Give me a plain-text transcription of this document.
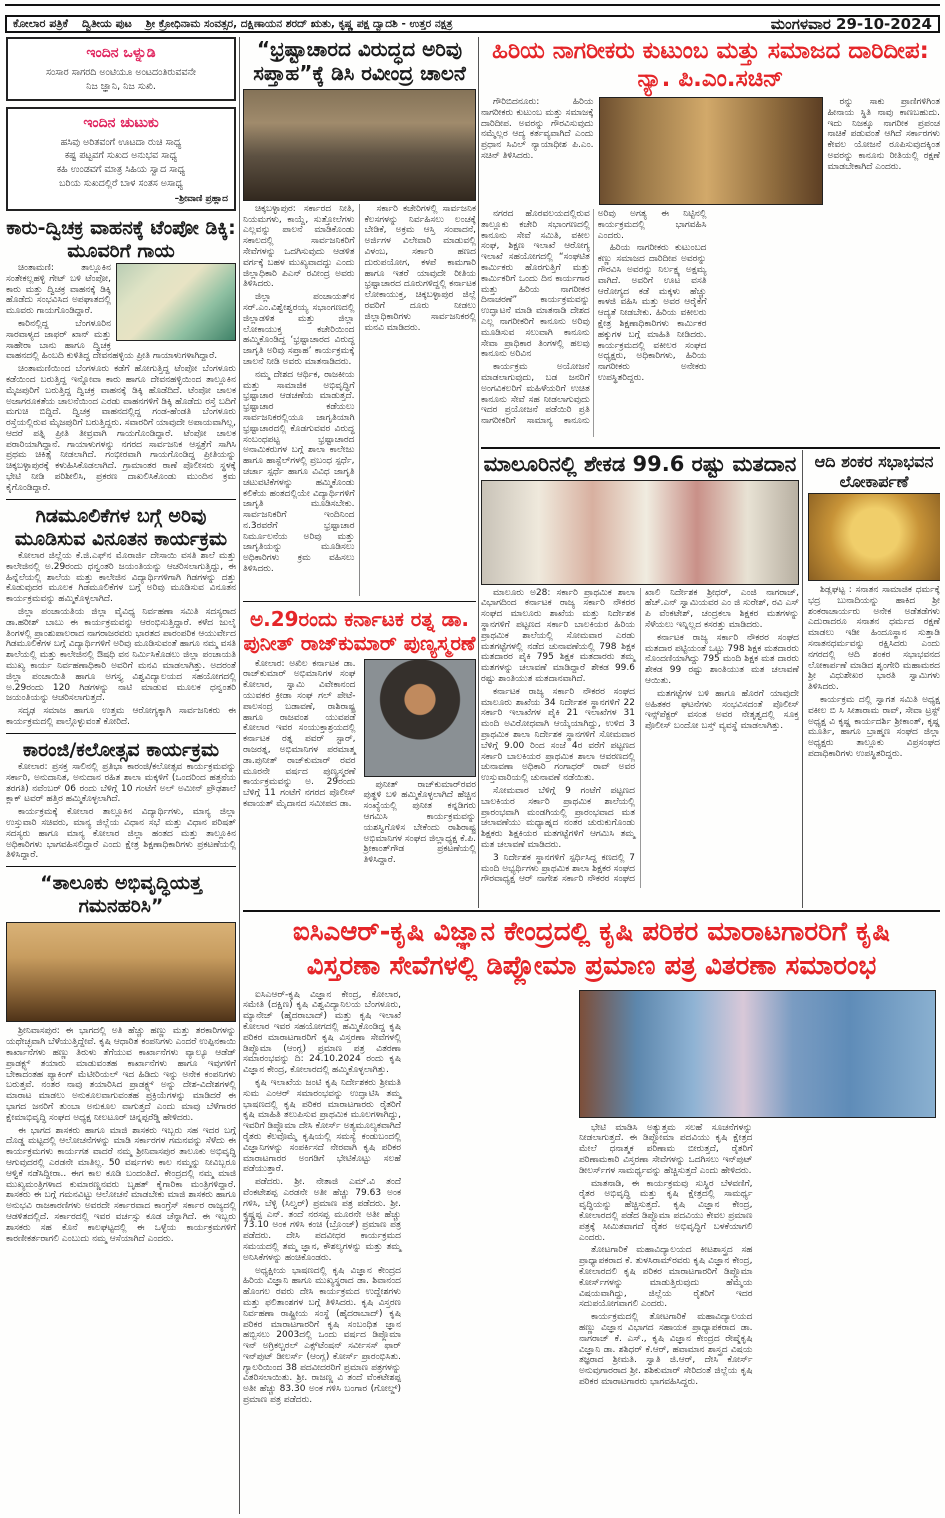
ಕೋಲಾರ ಪತ್ರಿಕೆ ದ್ವಿತೀಯ ಪುಟ ಶ್ರೀ ಕ್ರೋಧಿನಾಮ ಸಂವತ್ಸರ, ದಕ್ಷಿಣಾಯನ ಶರದ್ ಋತು, ಕೃಷ್ಣ ಪಕ್ಷ ದ್ವಾದಶಿ - ಉತ್ತರ ನಕ್ಷತ್ರ	ಮಂಗಳವಾರ 29-10-2024
ಇಂದಿನ ಒಳ್ನುಡಿ
ಸಂಸಾರ ಸಾಗರದಿ ಅಂಟಿಯೂ ಅಂಟದಂತಿರುವವನೇ
ನಿಜ ಜ್ಞಾನಿ, ನಿಜ ಸುಖಿ.
ಇಂದಿನ ಚುಟುಕು
ಹಸಿವು ಅರಿತವಂಗೆ ಊಟದಾ ರುಚಿ ಸಾಧ್ಯ
ಕಷ್ಟ ಪಟ್ಟವಗೆ ಸುಖದ ಅನುಭವ ಸಾಧ್ಯ
ಕಹಿ ಉಂಡವಗೆ ಮಾತ್ರ ಸಿಹಿಯ ಸ್ವಾದ ಸಾಧ್ಯ
ಬರಿಯ ಸುಖದಲ್ಲಿರೆ ಬಾಳ ಸಂತಸ ಅಸಾಧ್ಯ
–ಶ್ರೀವಾಣಿ ಪ್ರಹ್ಲಾದ
ಕಾರು-ದ್ವಿಚಕ್ರ ವಾಹನಕ್ಕೆ ಟೆಂಪೋ ಡಿಕ್ಕಿ: ಮೂವರಿಗೆ ಗಾಯ

ಚಿಂತಾಮಣಿ: ತಾಲ್ಲೂಕಿನ ಸಂತೇಕಲ್ಲಹಳ್ಳಿ ಗೇಟ್ ಬಳಿ ಟೆಂಪೋ, ಕಾರು ಮತ್ತು ದ್ವಿಚಕ್ರ ವಾಹನಕ್ಕೆ ಡಿಕ್ಕಿ ಹೊಡೆದು ಸಂಭವಿಸಿದ ಅಪಘಾತದಲ್ಲಿ ಮೂವರು ಗಾಯಗೊಂಡಿದ್ದಾರೆ.

ಕಾರಿನಲ್ಲಿದ್ದ ಬೆಂಗಳೂರಿನ ಸಾರವಾಳ್ಯದ ಜಾಫರ್ ಖಾನ್ ಮತ್ತು ಸಾಹೇರಾ ಬಾನು ಹಾಗೂ ದ್ವಿಚಕ್ರ ವಾಹನದಲ್ಲಿ ಹಿಂಬದಿ ಕುಳಿತಿದ್ದ ದೇವನಹಳ್ಳಿಯ ಪ್ರೀತಿ ಗಾಯಾಳುಗಳಾಗಿದ್ದಾರೆ.

ಚಿಂತಾಮಣಿಯಿಂದ ಬೆಂಗಳೂರು ಕಡೆಗೆ ಹೋಗುತ್ತಿದ್ದ ಟೆಂಪೋ ಬೆಂಗಳೂರು ಕಡೆಯಿಂದ ಬರುತ್ತಿದ್ದ ಇನ್ನೋವಾ ಕಾರು ಹಾಗೂ ದೇವನಹಳ್ಳಿಯಿಂದ ತಾಲ್ಲೂಕಿನ ಮೈಜಪುರಿಗೆ ಬರುತ್ತಿದ್ದ ದ್ವಿಚಕ್ರ ವಾಹನಕ್ಕೆ ಡಿಕ್ಕಿ ಹೊಡೆದಿದೆ. ಟೆಂಪೋ ಚಾಲಕ ಅಜಾಗರೂಕತೆಯ ಚಾಲನೆಯಿಂದ ಎರಡು ವಾಹನಗಳಿಗೆ ಡಿಕ್ಕಿ ಹೊಡೆದು ರಸ್ತೆ ಬದಿಗೆ ಮಗುಚಿ ಬಿದ್ದಿದೆ. ದ್ವಿಚಕ್ರ ವಾಹನದಲ್ಲಿದ್ದ ಗಂಡ-ಹೆಂಡತಿ ಬೆಂಗಳೂರು ರಸ್ತೆಯಲ್ಲಿರುವ ಮೈಜಪುರಿಗೆ ಬರುತ್ತಿದ್ದರು. ಸವಾರರಿಗೆ ಯಾವುದೇ ಅಪಾಯವಾಗಿಲ್ಲ, ಆದರೆ ಪತ್ನಿ ಪ್ರೀತಿ ತೀವ್ರವಾಗಿ ಗಾಯಗೊಂಡಿದ್ದಾರೆ. ಟೆಂಪೋ ಚಾಲಕ ಪರಾರಿಯಾಗಿದ್ದಾನೆ. ಗಾಯಾಳುಗಳನ್ನು ನಗರದ ಸಾರ್ವಜನಿಕ ಆಸ್ಪತ್ರೆಗೆ ಸಾಗಿಸಿ ಪ್ರಥಮ ಚಿಕಿತ್ಸೆ ನೀಡಲಾಗಿದೆ. ಗಂಭೀರವಾಗಿ ಗಾಯಗೊಂಡಿದ್ದ ಪ್ರೀತಿಯನ್ನು ಚಿಕ್ಕಬಳ್ಳಾಪುರಕ್ಕೆ ಕಳುಹಿಸಿಕೊಡಲಾಗಿದೆ. ಗ್ರಾಮಾಂತರ ಠಾಣೆ ಪೊಲೀಸರು ಸ್ಥಳಕ್ಕೆ ಭೇಟಿ ನೀಡಿ ಪರಿಶೀಲಿಸಿ, ಪ್ರಕರಣ ದಾಖಲಿಸಿಕೊಂಡು ಮುಂದಿನ ಕ್ರಮ ಕೈಗೊಂಡಿದ್ದಾರೆ.

ಗಿಡಮೂಲಿಕೆಗಳ ಬಗ್ಗೆ ಅರಿವು ಮೂಡಿಸುವ ವಿನೂತನ ಕಾರ್ಯಕ್ರಮ

ಕೋಲಾರ ಜಿಲ್ಲೆಯ ಕೆ.ಜಿ.ಎಫ್‌ನ ಮೊರಾರ್ಜಿ ದೇಸಾಯಿ ವಸತಿ ಶಾಲೆ ಮತ್ತು ಕಾಲೇಜಿನಲ್ಲಿ ಅ.29ರಂದು ಧನ್ವಂತರಿ ಜಯಂತಿಯನ್ನು ಆಚರಿಸಲಾಗುತ್ತಿದ್ದು, ಈ ಹಿನ್ನೆಲೆಯಲ್ಲಿ ಶಾಲೆಯ ಮತ್ತು ಕಾಲೇಜಿನ ವಿದ್ಯಾರ್ಥಿಗಳಿಗಾಗಿ ಗಿಡಗಳನ್ನು ದತ್ತು ಕೊಡುವುದರ ಮೂಲಕ ಗಿಡಮೂಲಿಕೆಗಳ ಬಗ್ಗೆ ಅರಿವು ಮೂಡಿಸುವ ವಿನೂತನ ಕಾರ್ಯಕ್ರಮವನ್ನು ಹಮ್ಮಿಕೊಳ್ಳಲಾಗಿದೆ.

ಜಿಲ್ಲಾ ಪಂಚಾಯತಿಯ ಜಿಲ್ಲಾ ವೈವಿಧ್ಯ ನಿರ್ವಹಣಾ ಸಮಿತಿ ಸದಸ್ಯರಾದ ಡಾ.ಹರೀಶ್ ಬಾಬು ಈ ಕಾರ್ಯಕ್ರಮವನ್ನು ಆರಂಭಿಸುತ್ತಿದ್ದಾರೆ. ಕಳೆದ ಜುಲೈ ತಿಂಗಳಲ್ಲಿ ಪ್ರಾಂಶುಪಾಲರಾದ ನಾಗರಾಜರವರು ಭಾರತದ ಪಾರಂಪರಿಕ ಆಯುರ್ವೇದ ಗಿಡಮೂಲಿಕೆಗಳ ಬಗ್ಗೆ ವಿದ್ಯಾರ್ಥಿಗಳಿಗೆ ಅರಿವು ಮೂಡಿಸುವಂತೆ ಹಾಗೂ ನಮ್ಮ ವಸತಿ ಶಾಲೆಯಲ್ಲಿ ಮತ್ತು ಕಾಲೇಜಿನಲ್ಲಿ ಔಷಧಿ ವನ ನಿರ್ಮಿಸಿಕೊಡಲು ಜಿಲ್ಲಾ ಪಂಚಾಯತಿ ಮುಖ್ಯ ಕಾರ್ಯ ನಿರ್ವಹಣಾಧಿಕಾರಿ ಅವರಿಗೆ ಮನವಿ ಮಾಡಲಾಗಿತ್ತು. ಅದರಂತೆ ಜಿಲ್ಲಾ ಪಂಚಾಯಿತಿ ಹಾಗೂ ಅಗಸ್ತ್ಯ ವಿಶ್ವವಿದ್ಯಾಲಯದ ಸಹಯೋಗದಲ್ಲಿ ಅ.29ರಂದು 120 ಗಿಡಗಳನ್ನು ನಾಟಿ ಮಾಡುವ ಮೂಲಕ ಧನ್ವಂತರಿ ಜಯಂತಿಯನ್ನು ಆಚರಿಸಲಾಗುತ್ತದೆ.

ಸದೃಢ ಸಮಾಜ ಹಾಗೂ ಉತ್ತಮ ಆರೋಗ್ಯಕ್ಕಾಗಿ ಸಾರ್ವಜನಿಕರು ಈ ಕಾರ್ಯಕ್ರಮದಲ್ಲಿ ಪಾಲ್ಗೊಳ್ಳುವಂತೆ ಕೋರಿದೆ.

ಕಾರಂಜಿ/ಕಲೋತ್ಸವ ಕಾರ್ಯಕ್ರಮ

ಕೋಲಾರ: ಪ್ರಸಕ್ತ ಸಾಲಿನಲ್ಲಿ ಪ್ರತಿಭಾ ಕಾರಂಜಿ/ಕಲೋತ್ಸವ ಕಾರ್ಯಕ್ರಮವನ್ನು ಸರ್ಕಾರಿ, ಅನುದಾನಿತ, ಅನುದಾನ ರಹಿತ ಶಾಲಾ ಮಕ್ಕಳಿಗೆ (ಒಂದರಿಂದ ಹತ್ತನೆಯ ತರಗತಿ) ನವೆಂಬರ್ 06 ರಂದು ಬೆಳಿಗ್ಗೆ 10 ಗಂಟೆಗೆ ಅಲ್ ಅಮೀನ್ ಪ್ರೌಢಶಾಲೆ ಕ್ಲಾಕ್ ಟವರ್ ಹತ್ತಿರ ಹಮ್ಮಿಕೊಳ್ಳಲಾಗಿದೆ.

ಕಾರ್ಯಕ್ರಮಕ್ಕೆ ಕೋಲಾರ ತಾಲ್ಲೂಕಿನ ವಿದ್ಯಾರ್ಥಿಗಳು, ಮಾನ್ಯ ಜಿಲ್ಲಾ ಉಸ್ತುವಾರಿ ಸಚಿವರು, ಮಾನ್ಯ ಜಿಲ್ಲೆಯ ವಿಧಾನ ಸಭೆ ಮತ್ತು ವಿಧಾನ ಪರಿಷತ್ ಸದಸ್ಯರು ಹಾಗೂ ಮಾನ್ಯ ಕೋಲಾರ ಜಿಲ್ಲಾ ಹಂತದ ಮತ್ತು ತಾಲ್ಲೂಕಿನ ಅಧಿಕಾರಿಗಳು ಭಾಗವಹಿಸಲಿದ್ದಾರೆ ಎಂದು ಕ್ಷೇತ್ರ ಶಿಕ್ಷಣಾಧಿಕಾರಿಗಳು ಪ್ರಕಟಣೆಯಲ್ಲಿ ತಿಳಿಸಿದ್ದಾರೆ.

“ತಾಲೂಕು ಅಭಿವೃದ್ಧಿಯತ್ತ ಗಮನಹರಿಸಿ”

ಶ್ರೀನಿವಾಸಪುರ: ಈ ಭಾಗದಲ್ಲಿ ಅತಿ ಹೆಚ್ಚು ಹಣ್ಣು ಮತ್ತು ತರಕಾರಿಗಳನ್ನು ಯಥೇಚ್ಛವಾಗಿ ಬೆಳೆಯುತ್ತಿದ್ದೇವೆ. ಕೃಷಿ ಆಧಾರಿತ ಕಂಪನಿಗಳು ಎಂದರೆ ಉಪ್ಪಿನಕಾಯಿ ಕಾರ್ಖಾನೆಗಳು ಹಣ್ಣು ತಿರುಳು ತೆಗೆಯುವ ಕಾರ್ಖಾನೆಗಳು ವ್ಯಾಲ್ಯೂ ಆಡೆಡ್ ಪ್ರಾಡಕ್ಟ್ಸ್ ತಯಾರು ಮಾಡುವಂತಹ ಕಾರ್ಖಾನೆಗಳು ಹಾಗೂ ಇವುಗಳಿಗೆ ಬೇಕಾದಂತಹ ಪ್ಯಾಕಿಂಗ್ ಮೆಟೀರಿಯಲ್ ಇದ ಹಿಡಿದು ಇನ್ನು ಅನೇಕ ಕಂಪನಿಗಳು ಬರುತ್ತವೆ. ನಂತರ ನಾವು ತಯಾರಿಸಿದ ಪ್ರಾಡಕ್ಟ್ಸ್ ಅನ್ನು ದೇಶ-ವಿದೇಶಗಳಲ್ಲಿ ಮಾರಾಟ ಮಾಡಲು ಅನುಕೂಲವಾಗುವಂತಹ ಪ್ರಕ್ರಿಯೆಗಳನ್ನು ಮಾಡಿದರೆ ಈ ಭಾಗದ ಜನರಿಗೆ ತುಂಬಾ ಅನುಕೂಲ ವಾಗುತ್ತದೆ ಎಂದು ಮಾವು ಬೆಳೆಗಾರರ ಕ್ಷೇಮಾಭಿವೃದ್ಧಿ ಸಂಘದ ಅಧ್ಯಕ್ಷ ನೀಲಟೂರ್ ಚಿನ್ನಪ್ಪರೆಡ್ಡಿ ಹೇಳಿದರು.

ಈ ಭಾಗದ ಶಾಸಕರು ಹಾಗೂ ಮಾಜಿ ಶಾಸಕರು ಇಬ್ಬರು ಸಹ ಇದರ ಬಗ್ಗೆ ದೊಡ್ಡ ಮಟ್ಟದಲ್ಲಿ ಆಲೋಚನೆಗಳನ್ನು ಮಾಡಿ ಸರ್ಕಾರಗಳ ಗಮನವನ್ನು ಸೆಳೆದು ಈ ಕಾರ್ಯಕ್ರಮಗಳು ಕಾರ್ಯಗತ ವಾದರೆ ನಮ್ಮ ಶ್ರೀನಿವಾಸಪುರ ತಾಲೂಕು ಅಭಿವೃದ್ಧಿ ಆಗುವುದರಲ್ಲಿ ಎರಡನೇ ಮಾತಿಲ್ಲ. 50 ವರ್ಷಗಳು ಕಾಲ ನಮ್ಮನ್ನು ನೀವಿಬ್ಬರೂ ಆಳ್ವಿಕೆ ನಡೆಸಿದ್ದೀರಾ.. ಈಗ ಕಾಲ ಕೂಡಿ ಬಂದಂತಿದೆ. ಕೇಂದ್ರದಲ್ಲಿ ನಮ್ಮ ಮಾಜಿ ಮುಖ್ಯಮಂತ್ರಿಗಳಾದ ಕುಮಾರಣ್ಣನವರು ಬೃಹತ್ ಕೈಗಾರಿಕಾ ಮಂತ್ರಿಗಳಿದ್ದಾರೆ. ಶಾಸಕರು ಈ ಬಗ್ಗೆ ಗಮನವಿಟ್ಟು ಆಲೋಚನೆ ಮಾಡಬೇಕು ಮಾಜಿ ಶಾಸಕರು ಹಾಗೂ ಅನುಭವಿ ರಾಜಕಾರಣಿಗಳು ಅವರದೇ ಸರ್ಕಾರವಾದ ಕಾಂಗ್ರೆಸ್ ಸರ್ಕಾರ ರಾಜ್ಯದಲ್ಲಿ ಆಡಳಿತದಲ್ಲಿದೆ. ಸರ್ಕಾರದಲ್ಲಿ ಇವರ ವರ್ಚಸ್ಸು ಕೂಡ ಚೆನ್ನಾಗಿದೆ. ಈ ಇಬ್ಬರು ಶಾಸಕರು ಸಹ ಕೊನೆ ಕಾಲಘಟ್ಟದಲ್ಲಿ ಈ ಒಳ್ಳೆಯ ಕಾರ್ಯಕ್ರಮಗಳಿಗೆ ಕಾರಣೀಕರ್ತರಾಗಲಿ ಎಂಬುದು ನಮ್ಮ ಆಸೆಯಾಗಿದೆ ಎಂದರು.

“ಭ್ರಷ್ಟಾಚಾರದ ವಿರುದ್ಧದ ಅರಿವು ಸಪ್ತಾಹ”ಕ್ಕೆ ಡಿಸಿ ರವೀಂದ್ರ ಚಾಲನೆ

ಚಿಕ್ಕಬಳ್ಳಾಪುರ: ಸರ್ಕಾರದ ನೀತಿ, ನಿಯಮಗಳು, ಕಾಯ್ದೆ, ಸುತ್ತೋಲೆಗಳು ಎಲ್ಲವನ್ನು ಪಾಲನೆ ಮಾಡಿಕೊಂಡು ಸಕಾಲದಲ್ಲಿ ಸಾರ್ವಜನಿಕರಿಗೆ ಸೇವೆಗಳನ್ನು ಒದಗಿಸುವುದು ಆಡಳಿತ ವರ್ಗಕ್ಕೆ ಬಹಳ ಮುಖ್ಯವಾದದ್ದು ಎಂದು ಜಿಲ್ಲಾಧಿಕಾರಿ ಪಿಎನ್ ರವೀಂದ್ರ ಅವರು ತಿಳಿಸಿದರು.

ಜಿಲ್ಲಾ ಪಂಚಾಯತ್‌ನ ಸರ್.ಎಂ.ವಿಶ್ವೇಶ್ವರಯ್ಯ ಸಭಾಂಗಣದಲ್ಲಿ ಜಿಲ್ಲಾಡಳಿತ ಮತ್ತು ಜಿಲ್ಲಾ ಲೋಕಾಯುಕ್ತ ಕಚೇರಿಯಿಂದ ಹಮ್ಮಿಕೊಂಡಿದ್ದ ‘ಭ್ರಷ್ಟಾಚಾರದ ವಿರುದ್ಧ ಜಾಗೃತಿ ಅರಿವು ಸಪ್ತಾಹ’ ಕಾರ್ಯಕ್ರಮಕ್ಕೆ ಚಾಲನೆ ನೀಡಿ ಅವರು ಮಾತನಾಡಿದರು.

ನಮ್ಮ ದೇಶದ ಆರ್ಥಿಕ, ರಾಜಕೀಯ ಮತ್ತು ಸಾಮಾಜಿಕ ಅಭಿವೃದ್ಧಿಗೆ ಭ್ರಷ್ಟಾಚಾರ ಆಡಚಣೆಯ ಮಾಡುತ್ತದೆ. ಭ್ರಷ್ಟಾಚಾರ ಕಡೆಯಲು ಸಾರ್ವಜನಿಕರಲ್ಲಿಯೂ ಜಾಗೃತಿಯಾಗಿ ಭ್ರಷ್ಟಾಚಾರದಲ್ಲಿ ಕೊಡಗುವವರ ವಿರುದ್ಧ ಸಂಬಂಧಪಟ್ಟ ಭ್ರಷ್ಟಾಚಾರದ ಅನಾಮಿಕರುಗಳ ಬಗ್ಗೆ ಶಾಲಾ ಕಾಲೇಜು ಹಾಗೂ ಹಾಸ್ಟೆಲ್‌ಗಳಲ್ಲಿ ಪ್ರಬಂಧ ಸ್ಪರ್ಧೆ, ಚರ್ಚಾ ಸ್ಪರ್ಧೆ ಹಾಗೂ ವಿವಿಧ ಜಾಗೃತಿ ಚಟುವಟಿಕೆಗಳನ್ನು ಹಮ್ಮಿಕೊಂಡು ಕಲಿಕೆಯ ಹಂತದಲ್ಲಿಯೇ ವಿದ್ಯಾರ್ಥಿಗಳಿಗೆ ಜಾಗೃತಿ ಮೂಡಿಸಬೇಕು. ಸಾರ್ವಜನಿಕರಿಗೆ ಇಂದಿನಿಂದ ನ.3ರವರೆಗೆ ಭ್ರಷ್ಟಾಚಾರ ನಿರ್ಮೂಲನೆಯ ಅರಿವು ಮತ್ತು ಜಾಗೃತಿಯನ್ನು ಮೂಡಿಸಲು ಅಧಿಕಾರಿಗಳು ಕ್ರಮ ವಹಿಸಲು ತಿಳಿಸಿದರು.

ಸರ್ಕಾರಿ ಕಚೇರಿಗಳಲ್ಲಿ ಸಾರ್ವಜನಿಕ ಕೆಲಸಗಳನ್ನು ನಿರ್ವಹಿಸಲು ಲಂಚಕ್ಕೆ ಬೇಡಿಕೆ, ಅಕ್ರಮ ಆಸ್ತಿ ಸಂಪಾದನೆ, ಅರ್ಜಿಗಳ ವಿಲೇವಾರಿ ಮಾಡುವಲ್ಲಿ ವಿಳಂಬ, ಸರ್ಕಾರಿ ಹಣದ ದುರುಪಯೋಗ, ಕಳಪೆ ಕಾಮಗಾರಿ ಹಾಗೂ ಇತರೆ ಯಾವುದೇ ರೀತಿಯ ಭ್ರಷ್ಟಾಚಾರದ ದೂರುಗಳಿದ್ದಲ್ಲಿ ಕರ್ನಾಟಕ ಲೋಕಾಯುಕ್ತ, ಚಿಕ್ಕಬಳ್ಳಾಪುರ ಜಿಲ್ಲೆ ರವರಿಗೆ ದೂರು ನೀಡಲು ಜಿಲ್ಲಾಧಿಕಾರಿಗಳು ಸಾರ್ವಜನಿಕರಲ್ಲಿ ಮನವಿ ಮಾಡಿದರು.

ಅ.29ರಂದು ಕರ್ನಾಟಕ ರತ್ನ ಡಾ. ಪುನೀತ್ ರಾಜ್‌ಕುಮಾರ್ ಪುಣ್ಯಸ್ಮರಣೆ

ಕೋಲಾರ: ಅಖಿಲ ಕರ್ನಾಟಕ ಡಾ. ರಾಜ್‌ಕುಮಾರ್ ಅಭಿಮಾನಿಗಳ ಸಂಘ ಕೋಲಾರ, ಸ್ವಾಮಿ ವಿವೇಕಾನಂದ ಯುವಕರ ಕ್ರೀಡಾ ಸಂಘ ಗಲ್ ಪೇಟೆ-ಪಾಲಸಂದ್ರ ಬಡಾವಣೆ, ರಾಶಿರಾಷ್ಟ್ರ ಹಾಗೂ ರಾಜವಂಶ ಯುವಪಡೆ ಕೋಲಾರ ಇವರ ಸಂಯುಕ್ತಾಶ್ರಯದಲ್ಲಿ ಕರ್ನಾಟಕ ರತ್ನ ಪವರ್ ಸ್ಟಾರ್, ರಾಜರತ್ನ, ಅಭಿಮಾನಿಗಳ ಪರಮಾತ್ಮ ಡಾ.ಪುನೀತ್ ರಾಜ್‌ಕುಮಾರ್ ರವರ ಮೂರನೇ ವರ್ಷದ ಪುಣ್ಯಸ್ಮರಣೆ ಕಾರ್ಯಕ್ರಮವನ್ನು ಅ. 29ರಂದು ಬೆಳಿಗ್ಗೆ 11 ಗಂಟೆಗೆ ನಗರದ ಪೊಲೀಸ್ ಕವಾಯತ್ ಮೈದಾನದ ಸಮೀಪದ ಡಾ.

ಪುನೀತ್ ರಾಜ್‌ಕುಮಾರ್‌ರವರ ಪುತ್ಥಳಿ ಬಳಿ ಹಮ್ಮಿಕೊಳ್ಳಲಾಗಿದೆ ಹೆಚ್ಚಿನ ಸಂಖ್ಯೆಯಲ್ಲಿ ಪುನೀತ ಕನ್ನಡಿಗರು ಆಗಮಿಸಿ ಕಾರ್ಯಕ್ರಮವನ್ನು ಯಶಸ್ವಿಗೊಳಿಸ ಬೇಕೆಂದು ರಾಶಿರಾಷ್ಟ್ರ ಅಭಿಮಾನಿಗಳ ಸಂಘದ ಜಿಲ್ಲಾಧ್ಯಕ್ಷ ಕೆ.ಪಿ. ಶ್ರೀಕಾಂತ್‌ಗೌಡ ಪ್ರಕಟಣೆಯಲ್ಲಿ ತಿಳಿಸಿದ್ದಾರೆ.

ಹಿರಿಯ ನಾಗರೀಕರು ಕುಟುಂಬ ಮತ್ತು ಸಮಾಜದ ದಾರಿದೀಪ: ನ್ಯಾ. ಪಿ.ಎಂ.ಸಚಿನ್

ಗೌರಿಬಿದನೂರು: ಹಿರಿಯ ನಾಗರೀಕರು ಕುಟುಂಬ ಮತ್ತು ಸಮಾಜಕ್ಕೆ ದಾರಿದೀಪ. ಅವರನ್ನು ಗೌರವಿಸುವುದು ನಮ್ಮೆಲ್ಲರ ಆದ್ಯ ಕರ್ತವ್ಯವಾಗಿದೆ ಎಂದು ಪ್ರಧಾನ ಸಿವಿಲ್ ನ್ಯಾಯಾಧೀಶ ಪಿ.ಎಂ. ಸಚಿನ್ ತಿಳಿಸಿದರು.

ರನ್ನು ಸಾಕು ಪ್ರಾಣಿಗಳಿಗಿಂತ ಹೀನಾಯ ಸ್ಥಿತಿ ನಾವು ಕಾಣಬಹುದು. ಇದು ನಿಜಕ್ಕೂ ನಾಗರೀಕ ಪ್ರಪಂಚ ನಾಚಿಕೆ ಪಡುವಂತೆ ಆಗಿದೆ ಸರ್ಕಾರಗಳು ಕೇವಲ ಯೋಜನೆ ರೂಪಿಸುವುದಕ್ಕಿಂತ ಅವರನ್ನು ಕಾನೂನು ರೀತಿಯಲ್ಲಿ ರಕ್ಷಣೆ ಮಾಡಬೇಕಾಗಿದೆ ಎಂದರು.

ನಗರದ ಹೊರವಲಯದಲ್ಲಿರುವ ತಾಲ್ಲೂಕು ಕಚೇರಿ ಸಭಾಂಗಣದಲ್ಲಿ ಕಾನೂನು ಸೇವೆ ಸಮಿತಿ, ವಕೀಲ ಸಂಘ, ಶಿಕ್ಷಣ ಇಲಾಖೆ ಆರೋಗ್ಯ ಇಲಾಖೆ ಸಹಯೋಗದಲ್ಲಿ “ಸಂಘಟಿತ ಕಾರ್ಮಿಕರು ಹೊರಗುತ್ತಿಗೆ ಮತ್ತು ಕಾರ್ಮಿಕರಿಗೆ ಒಂದು ದಿನ ಕಾರ್ಯಗಾರ ಮತ್ತು ಹಿರಿಯ ನಾಗರೀಕರ ದಿನಾಚರಣೆ” ಕಾರ್ಯಕ್ರಮವನ್ನು ಉದ್ಘಾಟನೆ ಮಾಡಿ ಮಾತನಾಡಿ ದೇಶದ ಎಲ್ಲ ನಾಗರೀಕರಿಗೆ ಕಾನೂನು ಅರಿವು ಮೂಡಿಸುವ ಸಲುವಾಗಿ ಕಾನೂನು ಸೇವಾ ಪ್ರಾಧಿಕಾರ ತಿಂಗಳಲ್ಲಿ ಹಲವು ಕಾನೂನು ಅರಿವಿನ

ಕಾರ್ಯಕ್ರಮ ಅಯೋಜನೆ ಮಾಡಲಾಗುವುದು, ಬಡ ಜನರಿಗೆ ಅಂಗವಿಕಲರಿಗೆ ಮಹಿಳೆಯರಿಗೆ ಉಚಿತ ಕಾನೂನು ಸೇವೆ ಸಹ ನೀಡಲಾಗುವುದು ಇದರ ಪ್ರಯೋಜನೆ ಪಡೆಯಿರಿ ಪ್ರತಿ ನಾಗರೀಕರಿಗೆ ಸಾಮಾನ್ಯ ಕಾನೂನು ಅರಿವು ಅಗತ್ಯ ಈ ನಿಟ್ಟಿನಲ್ಲಿ ಕಾರ್ಯಕ್ರಮದಲ್ಲಿ ಭಾಗವಹಿಸಿ ಎಂದರು.

ಹಿರಿಯ ನಾಗರೀಕರು ಕುಟುಂಬದ ಕಣ್ಣು ಸಮಾಜದ ದಾರಿದೀಪ ಅವರನ್ನು ಗೌರವಿಸಿ ಅವರನ್ನು ನಿರ್ಲಕ್ಷ್ಯ ಅಕ್ಷಮ್ಯ ವಾಗಿದೆ. ಅವರಿಗೆ ಊಟ ವಸತಿ ಆರೋಗ್ಯದ ಕಡೆ ಮಕ್ಕಳು ಹೆಚ್ಚು ಕಾಳಜಿ ವಹಿಸಿ ಮತ್ತು ಅವರ ಆರೈಕೆಗೆ ಆದ್ಯತೆ ನೀಡಬೇಕು. ಹಿರಿಯ ವಕೀಲರು ಕ್ಷೇತ್ರ ಶಿಕ್ಷಣಾಧಿಕಾರಿಗಳು ಕಾರ್ಮಿಕರ ಹಕ್ಕುಗಳ ಬಗ್ಗೆ ಮಾಹಿತಿ ನೀಡಿದರು. ಕಾರ್ಯಕ್ರಮದಲ್ಲಿ ವಕೀಲರ ಸಂಘದ ಅಧ್ಯಕ್ಷರು, ಅಧಿಕಾರಿಗಳು, ಹಿರಿಯ ನಾಗರೀಕರು ಅನೇಕರು ಉಪಸ್ಥಿತರಿದ್ದರು.

ಮಾಲೂರಿನಲ್ಲಿ ಶೇಕಡ 99.6 ರಷ್ಟು ಮತದಾನ

ಮಾಲೂರು ಅ28: ಸರ್ಕಾರಿ ಪ್ರಾಥಮಿಕ ಶಾಲಾ ವಿಭಾಗದಿಂದ ಕರ್ನಾಟಕ ರಾಜ್ಯ ಸರ್ಕಾರಿ ನೌಕರರ ಸಂಘದ ಮಾಲೂರು ಶಾಖೆಯ ಮತ್ತು ನಿರ್ದೇಶಕ ಸ್ಥಾನಗಳಿಗೆ ಪಟ್ಟಣದ ಸರ್ಕಾರಿ ಬಾಲಕಿಯರ ಹಿರಿಯ ಪ್ರಾಥಮಿಕ ಶಾಲೆಯಲ್ಲಿ ಸೋಮವಾರ ಎರಡು ಮತಗಟ್ಟೆಗಳಲ್ಲಿ ನಡೆದ ಚುನಾವಣೆಯಲ್ಲಿ 798 ಶಿಕ್ಷಕ ಮತದಾರರ ಪೈಕಿ 795 ಶಿಕ್ಷಕ ಮತದಾರರು ತಮ್ಮ ಮತಗಳನ್ನು ಚಲಾವಣೆ ಮಾಡಿದ್ದಾರೆ ಶೇಕಡ 99.6 ರಷ್ಟು ಶಾಂತಿಯುತ ಮತದಾನವಾಗಿದೆ.

ಕರ್ನಾಟಕ ರಾಜ್ಯ ಸರ್ಕಾರಿ ನೌಕರರ ಸಂಘದ ಮಾಲೂರು ಶಾಖೆಯ 34 ನಿರ್ದೇಶಕ ಸ್ಥಾನಗಳಿಗೆ 22 ಸರ್ಕಾರಿ ಇಲಾಖೆಗಳ ಪೈಕಿ 21 ಇಲಾಖೆಗಳ 31 ಮಂದಿ ಅವಿರೋಧವಾಗಿ ಆಯ್ಕೆಯಾಗಿದ್ದು, ಉಳಿದ 3 ಪ್ರಾಥಮಿಕ ಶಾಲಾ ನಿರ್ದೇಶಕ ಸ್ಥಾನಗಳಿಗೆ ಸೋಮವಾರ ಬೆಳಿಗ್ಗೆ 9.00 ರಿಂದ ಸಂಜೆ 4ರ ವರೆಗೆ ಪಟ್ಟಣದ ಸರ್ಕಾರಿ ಬಾಲಕಿಯರ ಪ್ರಾಥಮಿಕ ಶಾಲಾ ಆವರಣದಲ್ಲಿ ಚುನಾವಣಾ ಅಧಿಕಾರಿ ಗಂಗಾಧರ್ ರಾವ್ ಅವರ ಉಸ್ತುವಾರಿಯಲ್ಲಿ ಚುನಾವಣೆ ನಡೆಯಿತು.

ಸೋಮವಾರ ಬೆಳಿಗ್ಗೆ 9 ಗಂಟೆಗೆ ಪಟ್ಟಣದ ಬಾಲಕಿಯರ ಸರ್ಕಾರಿ ಪ್ರಾಥಮಿಕ ಶಾಲೆಯಲ್ಲಿ ಪ್ರಾರಂಭವಾಗಿ ಮಂಡಗಿಯಲ್ಲಿ ಪ್ರಾರಂಭವಾದ ಮತ ಚಲಾವಣೆಯು ಮಧ್ಯಾಹ್ನದ ನಂತರ ಚುರುಕುಗೊಂಡು ಶಿಕ್ಷಕರು ಶಿಕ್ಷಕಿಯರ ಮತಗಟ್ಟೆಗಳಿಗೆ ಆಗಮಿಸಿ ತಮ್ಮ ಮತ ಚಲಾವಣೆ ಮಾಡಿದರು.

3 ನಿರ್ದೇಶಕ ಸ್ಥಾನಗಳಿಗೆ ಸ್ಪರ್ಧಿಸಿದ್ದ ಕಣದಲ್ಲಿ 7 ಮಂದಿ ಅಭ್ಯರ್ಥಿಗಳು ಪ್ರಾಥಮಿಕ ಶಾಲಾ ಶಿಕ್ಷಕರ ಸಂಘದ ಗೌರವಾಧ್ಯಕ್ಷ ಆರ್ ನಾಗೇಶ ಸರ್ಕಾರಿ ನೌಕರರ ಸಂಘದ ಖಾಲಿ ನಿರ್ದೇಶಕ ಶ್ರೀಧರ್, ಎಂಜಿ ನಾಗರಾಜ್, ಹೆಚ್.ಎನ್ ಸ್ವಾಮಿಯವರ ಎಂ ಜಿ ಸುರೇಶ್, ರವಿ ಎಸ್ ಪಿ ವೆಂಕಟೇಶ್, ಚಂದ್ರಕಲಾ ಶಿಕ್ಷಕರ ಮತಗಳನ್ನು ಸೆಳೆಯಲು ಇನ್ನಿಲ್ಲದ ಕಸರತ್ತು ಮಾಡಿದರು.

ಕರ್ನಾಟಕ ರಾಜ್ಯ ಸರ್ಕಾರಿ ನೌಕರರ ಸಂಘದ ಮತದಾರ ಪಟ್ಟಿಯಂತೆ ಒಟ್ಟು 798 ಶಿಕ್ಷಕ ಮತದಾರರು ನೊಂದಣಿಯಾಗಿದ್ದು 795 ಮಂದಿ ಶಿಕ್ಷಕ ಮತ ದಾರರು ಶೇಕಡ 99 ರಷ್ಟು ಶಾಂತಿಯುತ ಮತ ಚಲಾವಣೆ ಆಯಿತು.

ಮತಗಟ್ಟೆಗಳ ಬಳಿ ಹಾಗೂ ಹೊರಗೆ ಯಾವುದೇ ಅಹಿತಕರ ಘಟನೆಗಳು ಸಂಭವಿಸದಂತೆ ಪೊಲೀಸ್ ಇನ್ಸ್‌ಪೆಕ್ಟರ್ ವಸಂತ ಅವರ ನೇತೃತ್ವದಲ್ಲಿ ಸೂಕ್ತ ಪೊಲೀಸ್ ಬಂದೋ ಬಸ್ತ್ ವ್ಯವಸ್ಥೆ ಮಾಡಲಾಗಿತ್ತು.

ಆದಿ ಶಂಕರ ಸಭಾಭವನ ಲೋಕಾರ್ಪಣೆ

ಶಿಡ್ಲಘಟ್ಟ : ಸನಾತನ ಸಾಮಾಜಿಕ ಧರ್ಮಕ್ಕೆ ಭದ್ರ ಬುನಾದಿಯನ್ನು ಹಾಕಿದ ಶ್ರೀ ಶಂಕರಾಚಾರ್ಯರು ಅನೇಕ ಅಡೆತಡೆಗಳು ಎದುರಾದರೂ ಸನಾತನ ಧರ್ಮದ ರಕ್ಷಣೆ ಮಾಡಲು ಇಡೀ ಹಿಂದೂಸ್ಥಾನ ಸುತ್ತಾಡಿ ಸನಾತನಧರ್ಮವನ್ನು ರಕ್ಷಿಸಿದರು ಎಂದು ನಗರದಲ್ಲಿ ಆದಿ ಶಂಕರ ಸಭಾಭವನದ ಲೋಕಾರ್ಪಣೆ ಮಾಡಿದ ಶೃಂಗೇರಿ ಮಹಾಮಠದ ಶ್ರೀ ವಿಧುಶೇಖರ ಭಾರತಿ ಸ್ವಾಮಿಗಳು ತಿಳಿಸಿದರು.

ಕಾರ್ಯಕ್ರಮ ದಲ್ಲಿ ಸ್ವಾಗತ ಸಮಿತಿ ಅಧ್ಯಕ್ಷ ವಕೀಲ ಬಿ ಸಿ ಸೀತಾರಾಮ ರಾವ್, ಸೇವಾ ಟ್ರಸ್ಟ್ ಅಧ್ಯಕ್ಷ ವಿ ಕೃಷ್ಣ ಕಾರ್ಯದರ್ಶಿ ಶ್ರೀಕಾಂತ್, ಕೃಷ್ಣ ಮೂರ್ತಿ, ಹಾಗೂ ಬ್ರಾಹ್ಮಣ ಸಂಘದ ಜಿಲ್ಲಾ ಅಧ್ಯಕ್ಷರು ತಾಲ್ಲೂಕು ವಿಪ್ರಸಂಘದ ಪದಾಧಿಕಾರಿಗಳು ಉಪಸ್ಥಿತರಿದ್ದರು.

ಐಸಿಎಆರ್-ಕೃಷಿ ವಿಜ್ಞಾನ ಕೇಂದ್ರದಲ್ಲಿ ಕೃಷಿ ಪರಿಕರ ಮಾರಾಟಗಾರರಿಗೆ ಕೃಷಿ
ವಿಸ್ತರಣಾ ಸೇವೆಗಳಲ್ಲಿ ಡಿಪ್ಲೋಮಾ ಪ್ರಮಾಣ ಪತ್ರ ವಿತರಣಾ ಸಮಾರಂಭ

ಐಸಿಎಆರ್-ಕೃಷಿ ವಿಜ್ಞಾನ ಕೇಂದ್ರ, ಕೋಲಾರ, ಸಮೇತಿ (ದಕ್ಷಿಣ) ಕೃಷಿ ವಿಶ್ವವಿದ್ಯಾನಿಲಯ ಬೆಂಗಳೂರು, ಮ್ಯಾನೇಜ್ (ಹೈದರಾಬಾದ್) ಮತ್ತು ಕೃಷಿ ಇಲಾಖೆ ಕೋಲಾರ ಇವರ ಸಹಯೋಗದಲ್ಲಿ ಹಮ್ಮಿಕೊಂಡಿದ್ದ ಕೃಷಿ ಪರಿಕರ ಮಾರಾಟಗಾರರಿಗೆ ಕೃಷಿ ವಿಸ್ತರಣಾ ಸೇವೆಗಳಲ್ಲಿ ಡಿಪ್ಲೊಮಾ (ಆಂಗ್ಲ) ಪ್ರಮಾಣ ಪತ್ರ ವಿತರಣಾ ಸಮಾರಂಭವನ್ನು ದಿ: 24.10.2024 ರಂದು ಕೃಷಿ ವಿಜ್ಞಾನ ಕೇಂದ್ರ, ಕೋಲಾರದಲ್ಲಿ ಹಮ್ಮಿಕೊಳ್ಳಲಾಗಿತ್ತು.

ಕೃಷಿ ಇಲಾಖೆಯ ಜಂಟಿ ಕೃಷಿ ನಿರ್ದೇಶಕರು ಶ್ರೀಮತಿ ಸುಮ ಎಂಆರ್ ಸಮಾರಂಭವನ್ನು ಉದ್ಘಾಟಿಸಿ ತಮ್ಮ ಭಾಷಣದಲ್ಲಿ ಕೃಷಿ ಪರಿಕರ ಮಾರಾಟಗಾರರು ರೈತರಿಗೆ ಕೃಷಿ ಮಾಹಿತಿ ತಲುಪಿಸುವ ಪ್ರಾಥಮಿಕ ಮೂಲಗಳಾಗಿದ್ದು, ಇವರಿಗೆ ಡಿಪ್ಲೊಮಾ ದೇಸಿ ಕೋರ್ಸ್ ಅತ್ಯಮೂಲ್ಯಕವಾಗಿದೆ ರೈತರು ಕೆಲವೊಮ್ಮೆ ಕೃಷಿಯಲ್ಲಿ ಸಮಸ್ಯೆ ಕಂಡುಬಂದಲ್ಲಿ ವಿಜ್ಞಾನಿಗಳನ್ನು ಸಂಪರ್ಕಿಸದೆ ನೇರವಾಗಿ ಕೃಷಿ ಪರಿಕರ ಮಾರಾಟಗಾರರ ಅಂಗಡಿಗೆ ಭೇಟಿಕೊಟ್ಟು ಸಲಹೆ ಪಡೆಯುತ್ತಾರೆ.

ಪಡೆದರು. ಶ್ರೀ. ನೇತಾಜಿ ಎಮ್.ವಿ ತಂದೆ ವೆಂಕಟೇಶಪ್ಪ ಎರಡನೇ ಅತೀ ಹೆಚ್ಚು 79.63 ಅಂಕ ಗಳಿಸಿ, ಬೆಳ್ಳಿ (ಸಿಲ್ವರ್) ಪ್ರಮಾಣ ಪತ್ರ ಪಡೆದರು. ಶ್ರೀ. ಕೃಷ್ಣಪ್ಪ ಎನ್. ತಂದೆ ನರಸಪ್ಪ ಮೂರನೇ ಅತೀ ಹೆಚ್ಚು 73.10 ಅಂಕ ಗಳಿಸಿ ಕಂಚಿ (ಬ್ರೊಂಜ್) ಪ್ರಮಾಣ ಪತ್ರ ಪಡೆದರು. ದೇಸಿ ಪದವೀಧರ ಕಾರ್ಯಕ್ರಮದ ಸಮಯದಲ್ಲಿ ತಮ್ಮ ಜ್ಞಾನ, ಕೌಶಲ್ಯಗಳನ್ನು ಮತ್ತು ತಮ್ಮ ಅನಿಸಿಕೆಗಳನ್ನು ಹಂಚಿಕೊಂಡರು.

ಅಧ್ಯಕ್ಷೀಯ ಭಾಷಣದಲ್ಲಿ ಕೃಷಿ ವಿಜ್ಞಾನ ಕೇಂದ್ರದ ಹಿರಿಯ ವಿಜ್ಞಾನಿ ಹಾಗೂ ಮುಖ್ಯಸ್ಥರಾದ ಡಾ. ಶಿವಾನಂದ ಹೊಂಗಲ ರವರು ದೇಸಿ ಕಾರ್ಯಕ್ರಮದ ಉದ್ದೇಶಗಳು ಮತ್ತು ಫಲಿತಾಂಶಗಳ ಬಗ್ಗೆ ತಿಳಿಸಿದರು. ಕೃಷಿ ವಿಸ್ತರಣ ನಿರ್ವಹಣಾ ರಾಷ್ಟ್ರೀಯ ಸಂಸ್ಥೆ (ಹೈದರಾಬಾದ್) ಕೃಷಿ ಪರಿಕರ ಮಾರಾಟಗಾರರಿಗೆ ಕೃಷಿ ಸಂಬಂಧಿತ ಜ್ಞಾನ ಹಬ್ಬಿಸಲು 2003ದಲ್ಲಿ ಒಂದು ವರ್ಷದ ಡಿಪ್ಲೊಮಾ ಇನ್ ಅಗ್ರಿಕಲ್ಚರಲ್ ಎಕ್ಸ್‌ಟೆಂಷನ್ ಸರ್ವೀಸಸ್ ಫಾರ್ ಇನ್‌ಪುಟ್ ಡೀಲರ್ಸ್ (ಆಂಗ್ಲ) ಕೋರ್ಸ್ ಪ್ರಾರಂಭಿಸಿತು. ಗ್ಯಾಲರಿಯಿಂದ 38 ಪದವೀದರರಿಗೆ ಪ್ರಮಾಣ ಪತ್ರಗಳನ್ನು ವಿತರಿಸಲಾಯಿತು. ಶ್ರೀ. ರಾಜಣ್ಣ ವಿ ತಂದೆ ವೆಂಕಟೇಶಪ್ಪ ಅತೀ ಹೆಚ್ಚು 83.30 ಅಂಕ ಗಳಿಸಿ ಬಂಗಾರ (ಗೋಲ್ಡ್) ಪ್ರಮಾಣ ಪತ್ರ ಪಡೆದರು.

ಭೇಟಿ ಮಾಡಿಸಿ ಅತ್ಯುತ್ತಮ ಸಲಹೆ ಸೂಚನೆಗಳನ್ನು ನೀಡಲಾಗುತ್ತದೆ. ಈ ಡಿಪ್ಲೋಮಾ ಪದವಿಯು ಕೃಷಿ ಕ್ಷೇತ್ರದ ಮೇಲೆ ಧನಾತ್ಮಕ ಪರಿಣಾಮ ಬೀರುತ್ತದೆ, ರೈತರಿಗೆ ಪರಿಣಾಮಕಾರಿ ವಿಸ್ತರಣಾ ಸೇವೆಗಳನ್ನು ಒದಗಿಸಲು ಇನ್‌ಪುಟ್ ಡೀಲರ್ಸ್‌ಗಳ ಸಾಮರ್ಥ್ಯವನ್ನು ಹೆಚ್ಚಿಸುತ್ತದೆ ಎಂದು ಹೇಳಿದರು.

ಮಾತನಾಡಿ, ಈ ಕಾರ್ಯಕ್ರಮವು ಸುಸ್ಥಿರ ಬೆಳವಣಿಗೆ, ರೈತರ ಅಭಿವೃದ್ಧಿ ಮತ್ತು ಕೃಷಿ ಕ್ಷೇತ್ರದಲ್ಲಿ ಸಾಮರ್ಥ್ಯ ವೃದ್ಧಿಯನ್ನು ಹೆಚ್ಚಿಸುತ್ತದೆ. ಕೃಷಿ ವಿಜ್ಞಾನ ಕೇಂದ್ರ, ಕೋಲಾರದಲ್ಲಿ ಪಡೆದ ಡಿಪ್ಲೊಮಾ ಪದವಿಯು ಕೇವಲ ಪ್ರಮಾಣ ಪತ್ರಕ್ಕೆ ಸೀಮಿತವಾಗದೆ ರೈತರ ಅಭಿವೃದ್ಧಿಗೆ ಬಳಕೆಯಾಗಲಿ ಎಂದರು.

ತೋಟಗಾರಿಕೆ ಮಹಾವಿದ್ಯಾಲಯದ ಕೀಟಶಾಸ್ತ್ರದ ಸಹ ಪ್ರಾಧ್ಯಾಪಕರಾದ ಕೆ. ತುಳಸಿರಾಮ್‌ರವರು ಕೃಷಿ ವಿಜ್ಞಾನ ಕೇಂದ್ರ, ಕೋಲಾರದಲಿ ಕೃಷಿ ಪರಿಕರ ಮಾರಾಟಗಾರರಿಗೆ ಡಿಪ್ಲೊಮಾ ಕೋರ್ಸ್‌ಗಳನ್ನು ಮಾಡುತ್ತಿರುವುದು ಹೆಮ್ಮೆಯ ವಿಷಯವಾಗಿದ್ದು, ಜಿಲ್ಲೆಯ ರೈತರಿಗೆ ಇದರ ಸದುಪಯೋಗವಾಗಲಿ ಎಂದರು.

ಕಾರ್ಯಕ್ರಮದಲ್ಲಿ ತೋಟಗಾರಿಕೆ ಮಹಾವಿದ್ಯಾಲಯದ ಹಣ್ಣು ವಿಜ್ಞಾನ ವಿಭಾಗದ ಸಹಾಯಕ ಪ್ರಾಧ್ಯಾಪಕರಾದ ಡಾ. ನಾಗರಾಜ್ ಕೆ. ಎಸ್., ಕೃಷಿ ವಿಜ್ಞಾನ ಕೇಂದ್ರದ ರೇಷ್ಮೆಕೃಷಿ ವಿಜ್ಞಾನಿ ಡಾ. ಶಶಿಧರ್ ಕೆ.ಆರ್, ಹವಾಮಾನ ಶಾಸ್ತ್ರದ ವಿಷಯ ತಜ್ಞರಾದ ಶ್ರೀಮತಿ. ಸ್ವಾತಿ ಜಿ.ಆರ್, ದೇಸಿ ಕೋರ್ಸ್ ಅನುವುಗಾರರಾದ ಶ್ರೀ. ಶಶಿಕುಮಾರ್ ಸೇರಿದಂತೆ ಜಿಲ್ಲೆಯ ಕೃಷಿ ಪರಿಕರ ಮಾರಾಟಗಾರರು ಭಾಗವಹಿಸಿದ್ದರು.
